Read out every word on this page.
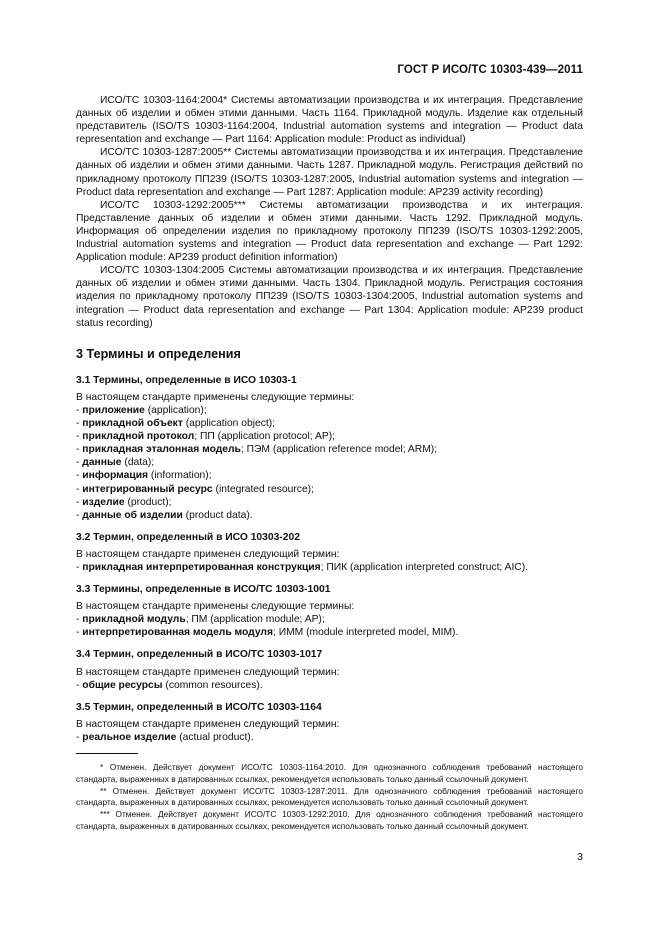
ГОСТ Р ИСО/ТС 10303-439—2011

ИСО/ТС 10303-1164:2004* Системы автоматизации производства и их интеграция. Представление данных об изделии и обмен этими данными. Часть 1164. Прикладной модуль. Изделие как отдельный представитель (ISO/TS 10303-1164:2004, Industrial automation systems and integration — Product data representation and exchange — Part 1164: Application module: Product as individual)

ИСО/ТС 10303-1287:2005** Системы автоматизации производства и их интеграция. Представление данных об изделии и обмен этими данными. Часть 1287. Прикладной модуль. Регистрация действий по прикладному протоколу ПП239 (ISO/TS 10303-1287:2005, Industrial automation systems and integration — Product data representation and exchange — Part 1287: Application module: AP239 activity recording)

ИСО/ТС 10303-1292:2005*** Системы автоматизации производства и их интеграция. Представление данных об изделии и обмен этими данными. Часть 1292. Прикладной модуль. Информация об определении изделия по прикладному протоколу ПП239 (ISO/TS 10303-1292:2005, Industrial automation systems and integration — Product data representation and exchange — Part 1292: Application module: AP239 product definition information)

ИСО/ТС 10303-1304:2005 Системы автоматизации производства и их интеграция. Представление данных об изделии и обмен этими данными. Часть 1304. Прикладной модуль. Регистрация состояния изделия по прикладному протоколу ПП239 (ISO/TS 10303-1304:2005, Industrial automation systems and integration — Product data representation and exchange — Part 1304: Application module: AP239 product status recording)

3 Термины и определения
3.1 Термины, определенные в ИСО 10303-1

В настоящем стандарте применены следующие термины:

- приложение (application);

- прикладной объект (application object);

- прикладной протокол; ПП (application protocol; AP);

- прикладная эталонная модель; ПЭМ (application reference model; ARM);

- данные (data);

- информация (information);

- интегрированный ресурс (integrated resource);

- изделие (product);

- данные об изделии (product data).

3.2 Термин, определенный в ИСО 10303-202

В настоящем стандарте применен следующий термин:

- прикладная интерпретированная конструкция; ПИК (application interpreted construct; AIC).

3.3 Термины, определенные в ИСО/ТС 10303-1001

В настоящем стандарте применены следующие термины:

- прикладной модуль; ПМ (application module; AP);

- интерпретированная модель модуля; ИММ (module interpreted model, MIM).

3.4 Термин, определенный в ИСО/ТС 10303-1017

В настоящем стандарте применен следующий термин:

- общие ресурсы (common resources).

3.5 Термин, определенный в ИСО/ТС 10303-1164

В настоящем стандарте применен следующий термин:

- реальное изделие (actual product).

* Отменен. Действует документ ИСО/ТС 10303-1164:2010. Для однозначного соблюдения требований настоящего стандарта, выраженных в датированных ссылках, рекомендуется использовать только данный ссылочный документ.

** Отменен. Действует документ ИСО/ТС 10303-1287:2011. Для однозначного соблюдения требований настоящего стандарта, выраженных в датированных ссылках, рекомендуется использовать только данный ссылочный документ.

*** Отменен. Действует документ ИСО/ТС 10303-1292:2010. Для однозначного соблюдения требований настоящего стандарта, выраженных в датированных ссылках, рекомендуется использовать только данный ссылочный документ.

3
